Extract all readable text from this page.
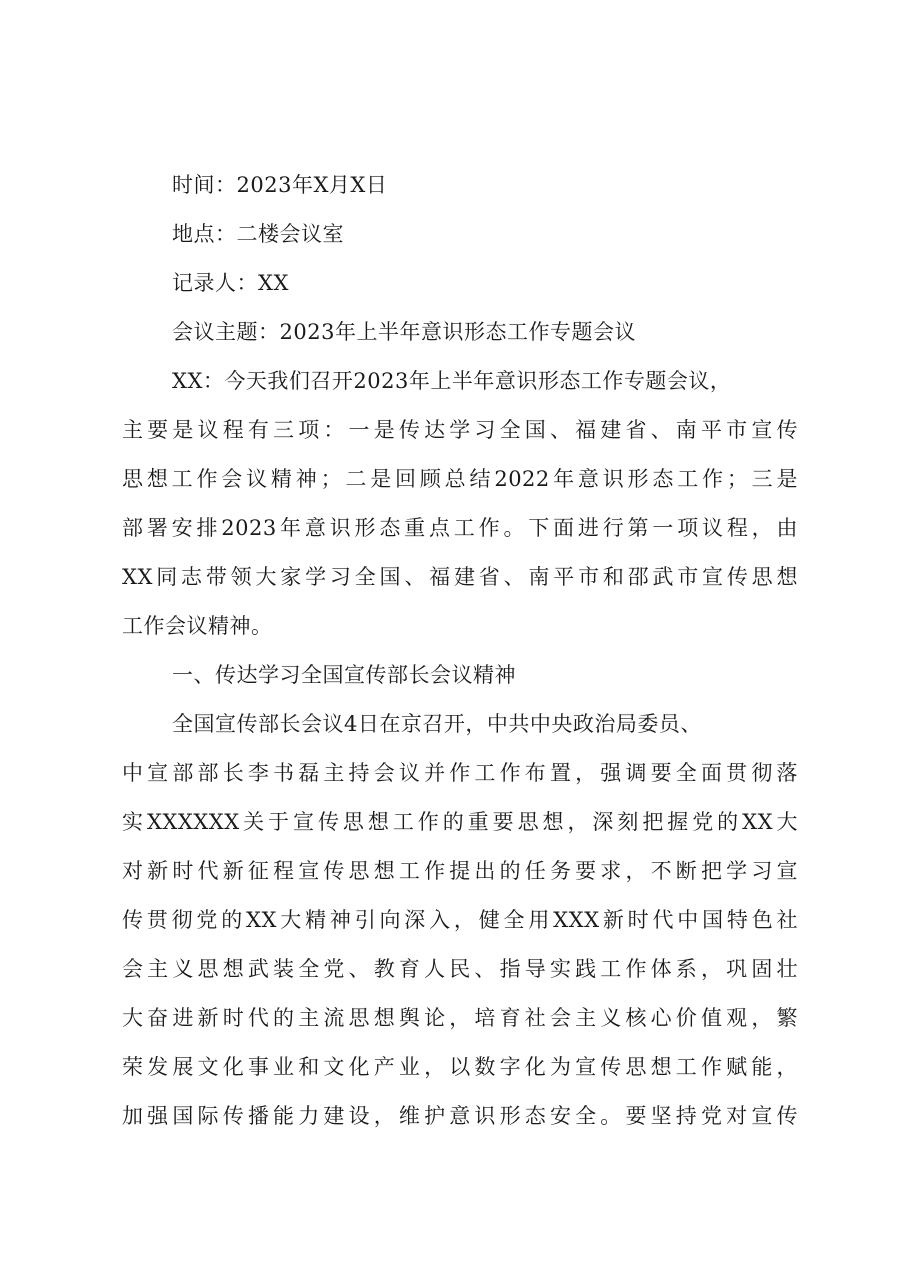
时间：2023年X月X日
地点：二楼会议室
记录人：XX
会议主题：2023年上半年意识形态工作专题会议
XX：今天我们召开2023年上半年意识形态工作专题会议，
主要是议程有三项：一是传达学习全国、福建省、南平市宣传
思想工作会议精神；二是回顾总结2022年意识形态工作；三是
部署安排2023年意识形态重点工作。下面进行第一项议程，由
XX同志带领大家学习全国、福建省、南平市和邵武市宣传思想
工作会议精神。
一、传达学习全国宣传部长会议精神
全国宣传部长会议4日在京召开，中共中央政治局委员、
中宣部部长李书磊主持会议并作工作布置，强调要全面贯彻落
实XXXXXX关于宣传思想工作的重要思想，深刻把握党的XX大
对新时代新征程宣传思想工作提出的任务要求，不断把学习宣
传贯彻党的XX大精神引向深入，健全用XXX新时代中国特色社
会主义思想武装全党、教育人民、指导实践工作体系，巩固壮
大奋进新时代的主流思想舆论，培育社会主义核心价值观，繁
荣发展文化事业和文化产业，以数字化为宣传思想工作赋能，
加强国际传播能力建设，维护意识形态安全。要坚持党对宣传
